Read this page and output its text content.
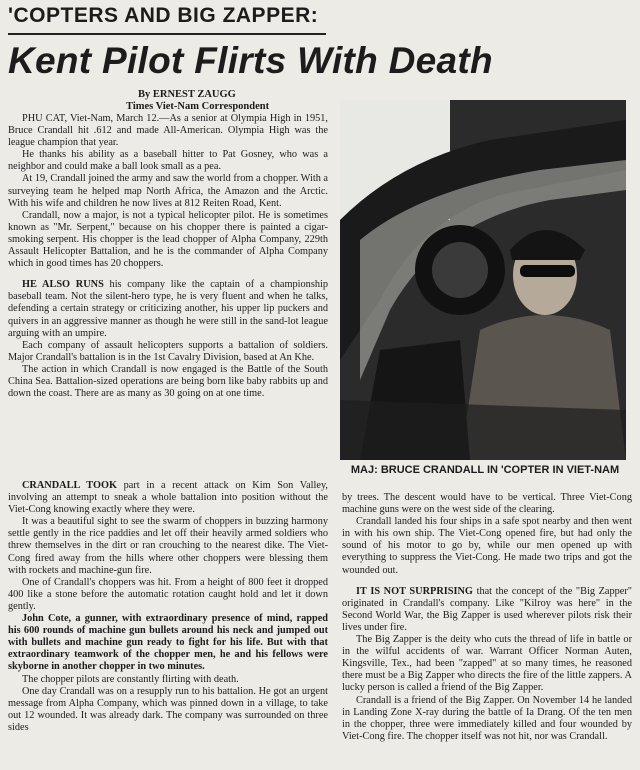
'COPTERS AND BIG ZAPPER:
Kent Pilot Flirts With Death
By ERNEST ZAUGG
Times Viet-Nam Correspondent

PHU CAT, Viet-Nam, March 12.—As a senior at Olympia High in 1951, Bruce Crandall hit .612 and made All-American. Olympia High was the league champion that year.

He thanks his ability as a baseball hitter to Pat Gosney, who was a neighbor and could make a ball look small as a pea.

At 19, Crandall joined the army and saw the world from a chopper. With a surveying team he helped map North Africa, the Amazon and the Arctic. With his wife and children he now lives at 812 Reiten Road, Kent.

Crandall, now a major, is not a typical helicopter pilot. He is sometimes known as "Mr. Serpent," because on his chopper there is painted a cigar-smoking serpent. His chopper is the lead chopper of Alpha Company, 229th Assault Helicopter Battalion, and he is the commander of Alpha Company which in good times has 20 choppers.

HE ALSO RUNS his company like the captain of a championship baseball team. Not the silent-hero type, he is very fluent and when he talks, defending a certain strategy or criticizing another, his upper lip puckers and quivers in an aggressive manner as though he were still in the sand-lot league arguing with an umpire.

Each company of assault helicopters supports a battalion of soldiers. Major Crandall's battalion is in the 1st Cavalry Division, based at An Khe.

The action in which Crandall is now engaged is the Battle of the South China Sea. Battalion-sized operations are being born like baby rabbits up and down the coast. There are as many as 30 going on at one time.

MAJ: BRUCE CRANDALL IN 'COPTER IN VIET-NAM

CRANDALL TOOK part in a recent attack on Kim Son Valley, involving an attempt to sneak a whole battalion into position without the Viet-Cong knowing exactly where they were.

It was a beautiful sight to see the swarm of choppers in buzzing harmony settle gently in the rice paddies and let off their heavily armed soldiers who threw themselves in the dirt or ran crouching to the nearest dike. The Viet-Cong fired away from the hills where other choppers were blessing them with rockets and machine-gun fire.

One of Crandall's choppers was hit. From a height of 800 feet it dropped 400 like a stone before the automatic rotation caught hold and let it down gently.

John Cote, a gunner, with extraordinary presence of mind, rapped his 600 rounds of machine gun bullets around his neck and jumped out with bullets and machine gun ready to fight for his life. But with that extraordinary teamwork of the chopper men, he and his fellows were skyborne in another chopper in two minutes.

The chopper pilots are constantly flirting with death.

One day Crandall was on a resupply run to his battalion. He got an urgent message from Alpha Company, which was pinned down in a village, to take out 12 wounded. It was already dark. The company was surrounded on three sides

by trees. The descent would have to be vertical. Three Viet-Cong machine guns were on the west side of the clearing.

Crandall landed his four ships in a safe spot nearby and then went in with his own ship. The Viet-Cong opened fire, but had only the sound of his motor to go by, while our men opened up with everything to suppress the Viet-Cong. He made two trips and got the wounded out.

IT IS NOT SURPRISING that the concept of the "Big Zapper" originated in Crandall's company. Like "Kilroy was here" in the Second World War, the Big Zapper is used wherever pilots risk their lives under fire.

The Big Zapper is the deity who cuts the thread of life in battle or in the wilful accidents of war. Warrant Officer Norman Auten, Kingsville, Tex., had been "zapped" at so many times, he reasoned there must be a Big Zapper who directs the fire of the little zappers. A lucky person is called a friend of the Big Zapper.

Crandall is a friend of the Big Zapper. On November 14 he landed in Landing Zone X-ray during the battle of Ia Drang. Of the ten men in the chopper, three were immediately killed and four wounded by Viet-Cong fire. The chopper itself was not hit, nor was Crandall.
